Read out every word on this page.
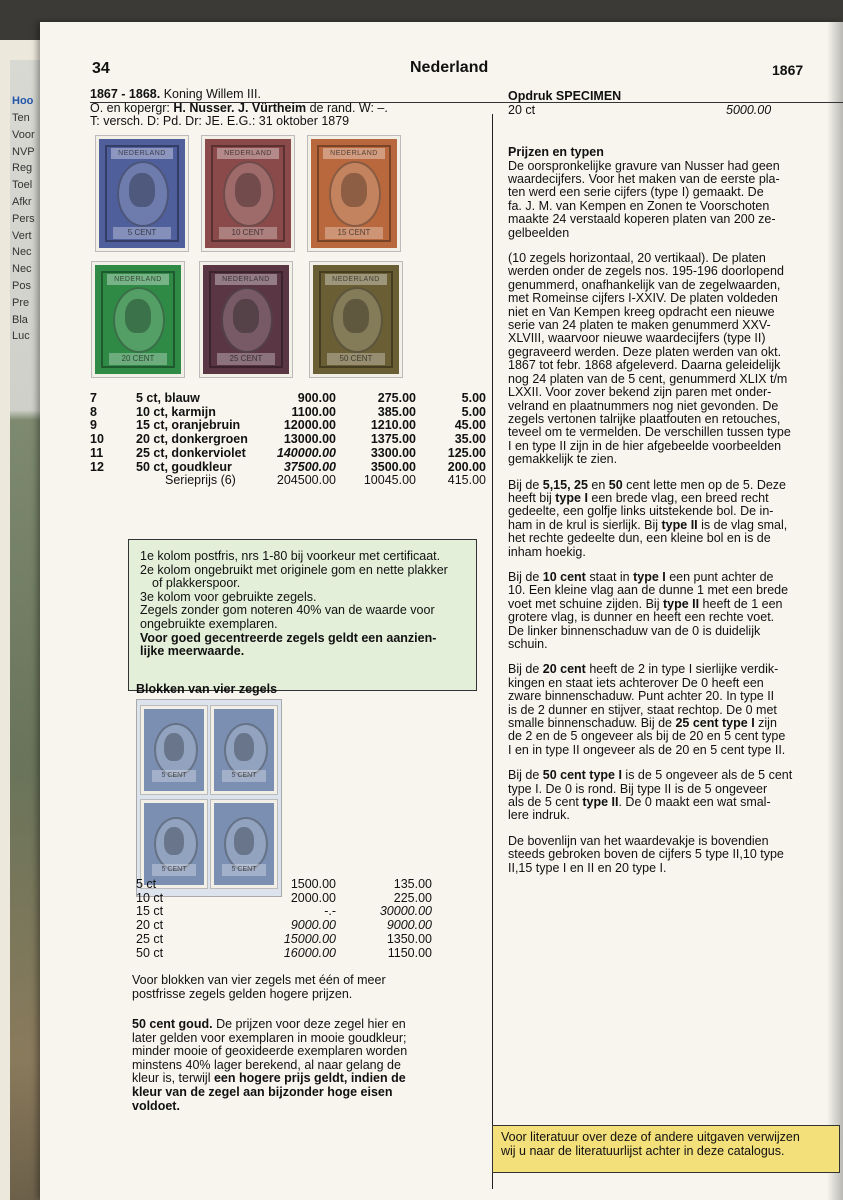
Hoo
Ten
Voor
NVP
Reg
Toel
Afkr
Pers
Vert
Nec
Nec
Pos
Pre
Bla
Luc
34	Nederland	1867
1867 - 1868. Koning Willem III.
O. en kopergr: H. Nusser. J. Vürtheim de rand. W: –.
T: versch. D: Pd. Dr: JE. E.G.: 31 oktober 1879
NEDERLAND
5 CENT
NEDERLAND
10 CENT
NEDERLAND
15 CENT
NEDERLAND
20 CENT
NEDERLAND
25 CENT
NEDERLAND
50 CENT
7	5 ct, blauw	900.00	275.00	5.00
8	10 ct, karmijn	1100.00	385.00	5.00
9	15 ct, oranjebruin	12000.00	1210.00	45.00
10	20 ct, donkergroen	13000.00	1375.00	35.00
11	25 ct, donkerviolet	140000.00	3300.00	125.00
12	50 ct, goudkleur	37500.00	3500.00	200.00
	Serieprijs (6)	204500.00	10045.00	415.00
1e kolom postfris, nrs 1-80 bij voorkeur met certificaat.
2e kolom ongebruikt met originele gom en nette plakker
of plakkerspoor.
3e kolom voor gebruikte zegels.
Zegels zonder gom noteren 40% van de waarde voor
ongebruikte exemplaren.
Voor goed gecentreerde zegels geldt een aanzien-
lijke meerwaarde.
Blokken van vier zegels
5 CENT	5 CENT
5 CENT	5 CENT
5 ct	1500.00	135.00
10 ct	2000.00	225.00
15 ct	-.-	30000.00
20 ct	9000.00	9000.00
25 ct	15000.00	1350.00
50 ct	16000.00	1150.00
Voor blokken van vier zegels met één of meer
postfrisse zegels gelden hogere prijzen.
50 cent goud. De prijzen voor deze zegel hier en
later gelden voor exemplaren in mooie goudkleur;
minder mooie of geoxideerde exemplaren worden
minstens 40% lager berekend, al naar gelang de
kleur is, terwijl een hogere prijs geldt, indien de
kleur van de zegel aan bijzonder hoge eisen
voldoet.
Opdruk SPECIMEN
20 ct	5000.00
Prijzen en typen
De oorspronkelijke gravure van Nusser had geen
waardecijfers. Voor het maken van de eerste pla-
ten werd een serie cijfers (type I) gemaakt. De
fa. J. M. van Kempen en Zonen te Voorschoten
maakte 24 verstaald koperen platen van 200 ze-
gelbeelden
(10 zegels horizontaal, 20 vertikaal). De platen
werden onder de zegels nos. 195-196 doorlopend
genummerd, onafhankelijk van de zegelwaarden,
met Romeinse cijfers I-XXIV. De platen voldeden
niet en Van Kempen kreeg opdracht een nieuwe
serie van 24 platen te maken genummerd XXV-
XLVIII, waarvoor nieuwe waardecijfers (type II)
gegraveerd werden. Deze platen werden van okt.
1867 tot febr. 1868 afgeleverd. Daarna geleidelijk
nog 24 platen van de 5 cent, genummerd XLIX t/m
LXXII. Voor zover bekend zijn paren met onder-
velrand en plaatnummers nog niet gevonden. De
zegels vertonen talrijke plaatfouten en retouches,
teveel om te vermelden. De verschillen tussen type
I en type II zijn in de hier afgebeelde voorbeelden
gemakkelijk te zien.
Bij de 5,15, 25 en 50 cent lette men op de 5. Deze
heeft bij type I een brede vlag, een breed recht
gedeelte, een golfje links uitstekende bol. De in-
ham in de krul is sierlijk. Bij type II is de vlag smal,
het rechte gedeelte dun, een kleine bol en is de
inham hoekig.
Bij de 10 cent staat in type I een punt achter de
10. Een kleine vlag aan de dunne 1 met een brede
voet met schuine zijden. Bij type II heeft de 1 een
grotere vlag, is dunner en heeft een rechte voet.
De linker binnenschaduw van de 0 is duidelijk
schuin.
Bij de 20 cent heeft de 2 in type I sierlijke verdik-
kingen en staat iets achterover De 0 heeft een
zware binnenschaduw. Punt achter 20. In type II
is de 2 dunner en stijver, staat rechtop. De 0 met
smalle binnenschaduw. Bij de 25 cent type I zijn
de 2 en de 5 ongeveer als bij de 20 en 5 cent type
I en in type II ongeveer als de 20 en 5 cent type II.
Bij de 50 cent type I is de 5 ongeveer als de 5 cent
type I. De 0 is rond. Bij type II is de 5 ongeveer
als de 5 cent type II. De 0 maakt een wat smal-
lere indruk.
De bovenlijn van het waardevakje is bovendien
steeds gebroken boven de cijfers 5 type II,10 type
II,15 type I en II en 20 type I.
Voor literatuur over deze of andere uitgaven verwijzen
wij u naar de literatuurlijst achter in deze catalogus.
